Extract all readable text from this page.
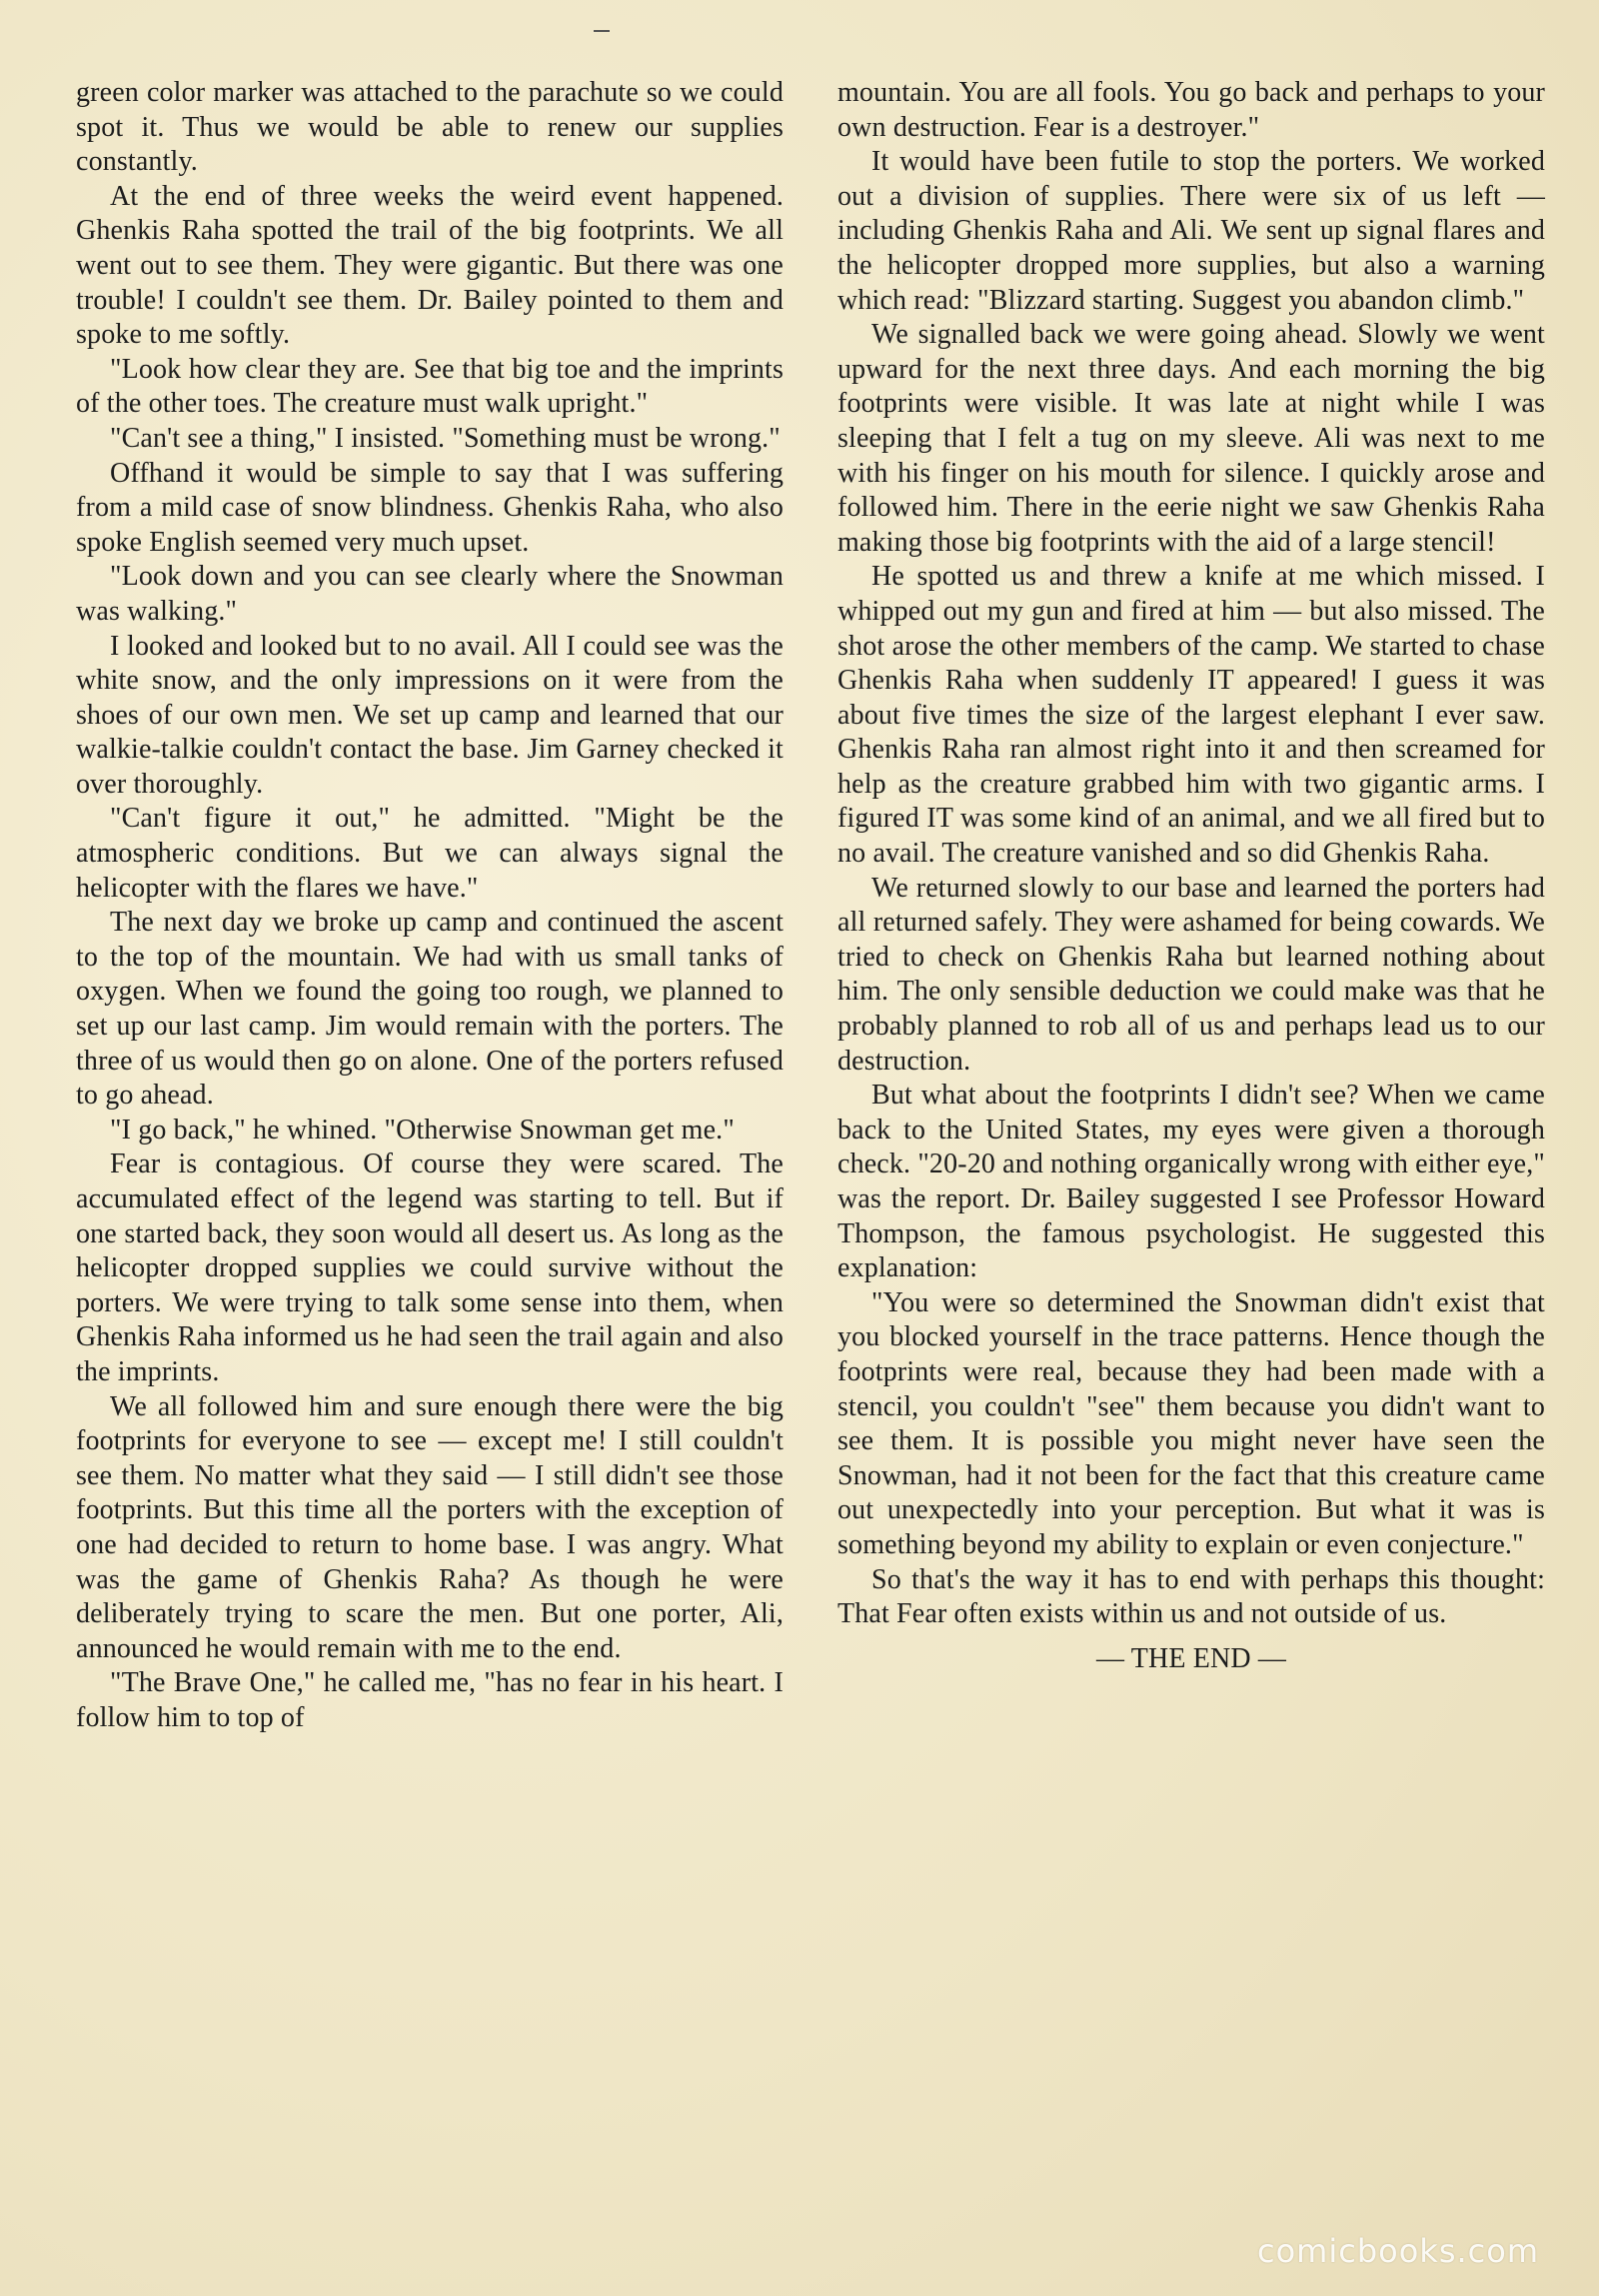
green color marker was attached to the parachute so we could spot it. Thus we would be able to renew our supplies constantly.

At the end of three weeks the weird event happened. Ghenkis Raha spotted the trail of the big footprints. We all went out to see them. They were gigantic. But there was one trouble! I couldn't see them. Dr. Bailey pointed to them and spoke to me softly.

"Look how clear they are. See that big toe and the imprints of the other toes. The creature must walk upright."

"Can't see a thing," I insisted. "Something must be wrong."

Offhand it would be simple to say that I was suffering from a mild case of snow blindness. Ghenkis Raha, who also spoke English seemed very much upset.

"Look down and you can see clearly where the Snowman was walking."

I looked and looked but to no avail. All I could see was the white snow, and the only impressions on it were from the shoes of our own men. We set up camp and learned that our walkie-talkie couldn't contact the base. Jim Garney checked it over thoroughly.

"Can't figure it out," he admitted. "Might be the atmospheric conditions. But we can always signal the helicopter with the flares we have."

The next day we broke up camp and continued the ascent to the top of the mountain. We had with us small tanks of oxygen. When we found the going too rough, we planned to set up our last camp. Jim would remain with the porters. The three of us would then go on alone. One of the porters refused to go ahead.

"I go back," he whined. "Otherwise Snowman get me."

Fear is contagious. Of course they were scared. The accumulated effect of the legend was starting to tell. But if one started back, they soon would all desert us. As long as the helicopter dropped supplies we could survive without the porters. We were trying to talk some sense into them, when Ghenkis Raha informed us he had seen the trail again and also the imprints.

We all followed him and sure enough there were the big footprints for everyone to see — except me! I still couldn't see them. No matter what they said — I still didn't see those footprints. But this time all the porters with the exception of one had decided to return to home base. I was angry. What was the game of Ghenkis Raha? As though he were deliberately trying to scare the men. But one porter, Ali, announced he would remain with me to the end.

"The Brave One," he called me, "has no fear in his heart. I follow him to top of

mountain. You are all fools. You go back and perhaps to your own destruction. Fear is a destroyer."

It would have been futile to stop the porters. We worked out a division of supplies. There were six of us left — including Ghenkis Raha and Ali. We sent up signal flares and the helicopter dropped more supplies, but also a warning which read: "Blizzard starting. Suggest you abandon climb."

We signalled back we were going ahead. Slowly we went upward for the next three days. And each morning the big footprints were visible. It was late at night while I was sleeping that I felt a tug on my sleeve. Ali was next to me with his finger on his mouth for silence. I quickly arose and followed him. There in the eerie night we saw Ghenkis Raha making those big footprints with the aid of a large stencil!

He spotted us and threw a knife at me which missed. I whipped out my gun and fired at him — but also missed. The shot arose the other members of the camp. We started to chase Ghenkis Raha when suddenly IT appeared! I guess it was about five times the size of the largest elephant I ever saw. Ghenkis Raha ran almost right into it and then screamed for help as the creature grabbed him with two gigantic arms. I figured IT was some kind of an animal, and we all fired but to no avail. The creature vanished and so did Ghenkis Raha.

We returned slowly to our base and learned the porters had all returned safely. They were ashamed for being cowards. We tried to check on Ghenkis Raha but learned nothing about him. The only sensible deduction we could make was that he probably planned to rob all of us and perhaps lead us to our destruction.

But what about the footprints I didn't see? When we came back to the United States, my eyes were given a thorough check. "20-20 and nothing organically wrong with either eye," was the report. Dr. Bailey suggested I see Professor Howard Thompson, the famous psychologist. He suggested this explanation:

"You were so determined the Snowman didn't exist that you blocked yourself in the trace patterns. Hence though the footprints were real, because they had been made with a stencil, you couldn't "see" them because you didn't want to see them. It is possible you might never have seen the Snowman, had it not been for the fact that this creature came out unexpectedly into your perception. But what it was is something beyond my ability to explain or even conjecture."

So that's the way it has to end with perhaps this thought: That Fear often exists within us and not outside of us.

— THE END —

comicbooks.com
